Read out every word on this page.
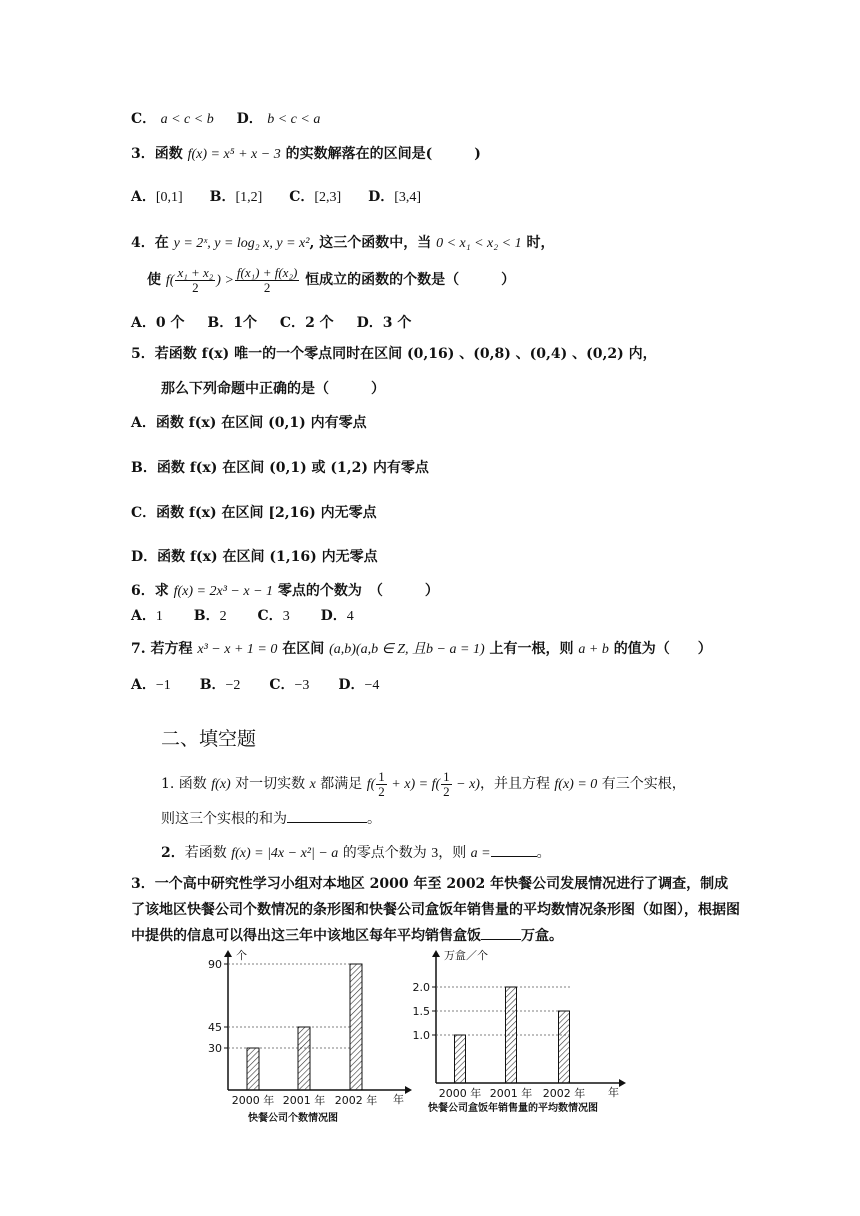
C． a < c < b D． b < c < a
3．函数 f(x) = x⁵ + x − 3 的实数解落在的区间是(　　　)
A．[0,1] B．[1,2] C．[2,3] D．[3,4]
4．在 y = 2ˣ, y = log₂ x, y = x², 这三个函数中，当 0 < x₁ < x₂ < 1 时，
使 $f( \frac{\text{x₁ + x₂}}{2}$ ) > $\frac{\text{f(x₁) + f(x₂)}}{2}$ 恒成立的函数的个数是（　　　）
A．0 个 B．1个 C．2 个 D．3 个
5．若函数 f(x) 唯一的一个零点同时在区间 (0,16) 、(0,8) 、(0,4) 、(0,2) 内，
那么下列命题中正确的是（　　　）
A．函数 f(x) 在区间 (0,1) 内有零点
B．函数 f(x) 在区间 (0,1) 或 (1,2) 内有零点
C．函数 f(x) 在区间 [2,16) 内无零点
D．函数 f(x) 在区间 (1,16) 内无零点
6．求 f(x) = 2x³ − x − 1 零点的个数为　（　　　）
A．1 B．2 C．3 D．4
7. 若方程 x³ − x + 1 = 0 在区间 (a,b)(a,b ∈ Z, 且b − a = 1) 上有一根，则 a + b 的值为（　　）
A．−1 B．−2 C．−3 D．−4
二、填空题
1. 函数 f(x) 对一切实数 x 都满足 $f( \frac{1}{2} + x) = f( \frac{1}{2} - x)$，并且方程 f(x) = 0 有三个实根，
则这三个实根的和为	。
2．若函数 f(x) = |4x − x²| − a 的零点个数为 3，则 a =	。
3．一个高中研究性学习小组对本地区 2000 年至 2002 年快餐公司发展情况进行了调查，制成了该地区快餐公司个数情况的条形图和快餐公司盒饭年销售量的平均数情况条形图（如图），根据图中提供的信息可以得出这三年中该地区每年平均销售盒饭	万盒。
个
年
30
45
90
2000 年 2001 年 2002 年
快餐公司个数情况图
万盒／个
年
1.0
1.5
2.0
2000 年 2001 年 2002 年
快餐公司盒饭年销售量的平均数情况图
